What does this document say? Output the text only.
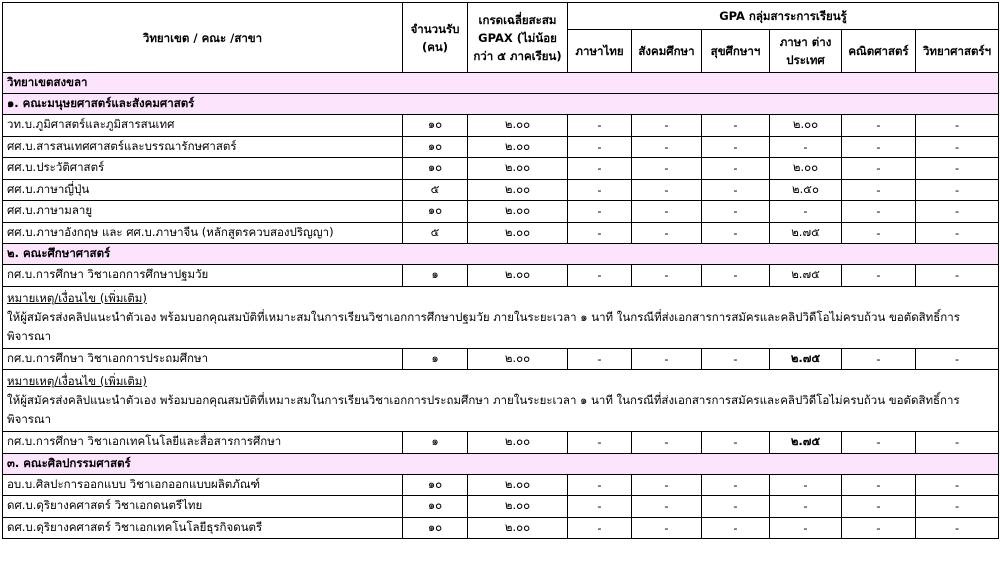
วิทยาเขต / คณะ /สาขา	จำนวนรับ (คน)	เกรดเฉลี่ยสะสม GPAX (ไม่น้อยกว่า ๕ ภาคเรียน)	GPA กลุ่มสาระการเรียนรู้					
			ภาษาไทย	สังคมศึกษา	สุขศึกษาฯ	ภาษา ต่างประเทศ	คณิตศาสตร์	วิทยาศาสตร์ฯ
วิทยาเขตสงขลา								
๑. คณะมนุษยศาสตร์และสังคมศาสตร์								
วท.บ.ภูมิศาสตร์และภูมิสารสนเทศ	๑๐	๒.๐๐	-	-	-	๒.๐๐	-	-
ศศ.บ.สารสนเทศศาสตร์และบรรณารักษศาสตร์	๑๐	๒.๐๐	-	-	-	-	-	-
ศศ.บ.ประวัติศาสตร์	๑๐	๒.๐๐	-	-	-	๒.๐๐	-	-
ศศ.บ.ภาษาญี่ปุ่น	๕	๒.๐๐	-	-	-	๒.๕๐	-	-
ศศ.บ.ภาษามลายู	๑๐	๒.๐๐	-	-	-	-	-	-
ศศ.บ.ภาษาอังกฤษ และ ศศ.บ.ภาษาจีน (หลักสูตรควบสองปริญญา)	๕	๒.๐๐	-	-	-	๒.๗๕	-	-
๒. คณะศึกษาศาสตร์								
กศ.บ.การศึกษา วิชาเอกการศึกษาปฐมวัย	๑	๒.๐๐	-	-	-	๒.๗๕	-	-

หมายเหตุ/เงื่อนไข (เพิ่มเติม)
ให้ผู้สมัครส่งคลิปแนะนำตัวเอง พร้อมบอกคุณสมบัติที่เหมาะสมในการเรียนวิชาเอกการศึกษาปฐมวัย ภายในระยะเวลา ๑ นาที ในกรณีที่ส่งเอกสารการสมัครและคลิปวิดีโอไม่ครบถ้วน ขอตัดสิทธิ์การพิจารณา								
กศ.บ.การศึกษา วิชาเอกการประถมศึกษา	๑	๒.๐๐	-	-	-	๒.๗๕	-	-

หมายเหตุ/เงื่อนไข (เพิ่มเติม)
ให้ผู้สมัครส่งคลิปแนะนำตัวเอง พร้อมบอกคุณสมบัติที่เหมาะสมในการเรียนวิชาเอกการประถมศึกษา ภายในระยะเวลา ๑ นาที ในกรณีที่ส่งเอกสารการสมัครและคลิปวิดีโอไม่ครบถ้วน ขอตัดสิทธิ์การพิจารณา								
กศ.บ.การศึกษา วิชาเอกเทคโนโลยีและสื่อสารการศึกษา	๑	๒.๐๐	-	-	-	๒.๗๕	-	-
๓. คณะศิลปกรรมศาสตร์								
อบ.บ.ศิลปะการออกแบบ วิชาเอกออกแบบผลิตภัณฑ์	๑๐	๒.๐๐	-	-	-	-	-	-
ดศ.บ.ดุริยางคศาสตร์ วิชาเอกดนตรีไทย	๑๐	๒.๐๐	-	-	-	-	-	-
ดศ.บ.ดุริยางคศาสตร์ วิชาเอกเทคโนโลยีธุรกิจดนตรี	๑๐	๒.๐๐	-	-	-	-	-	-
